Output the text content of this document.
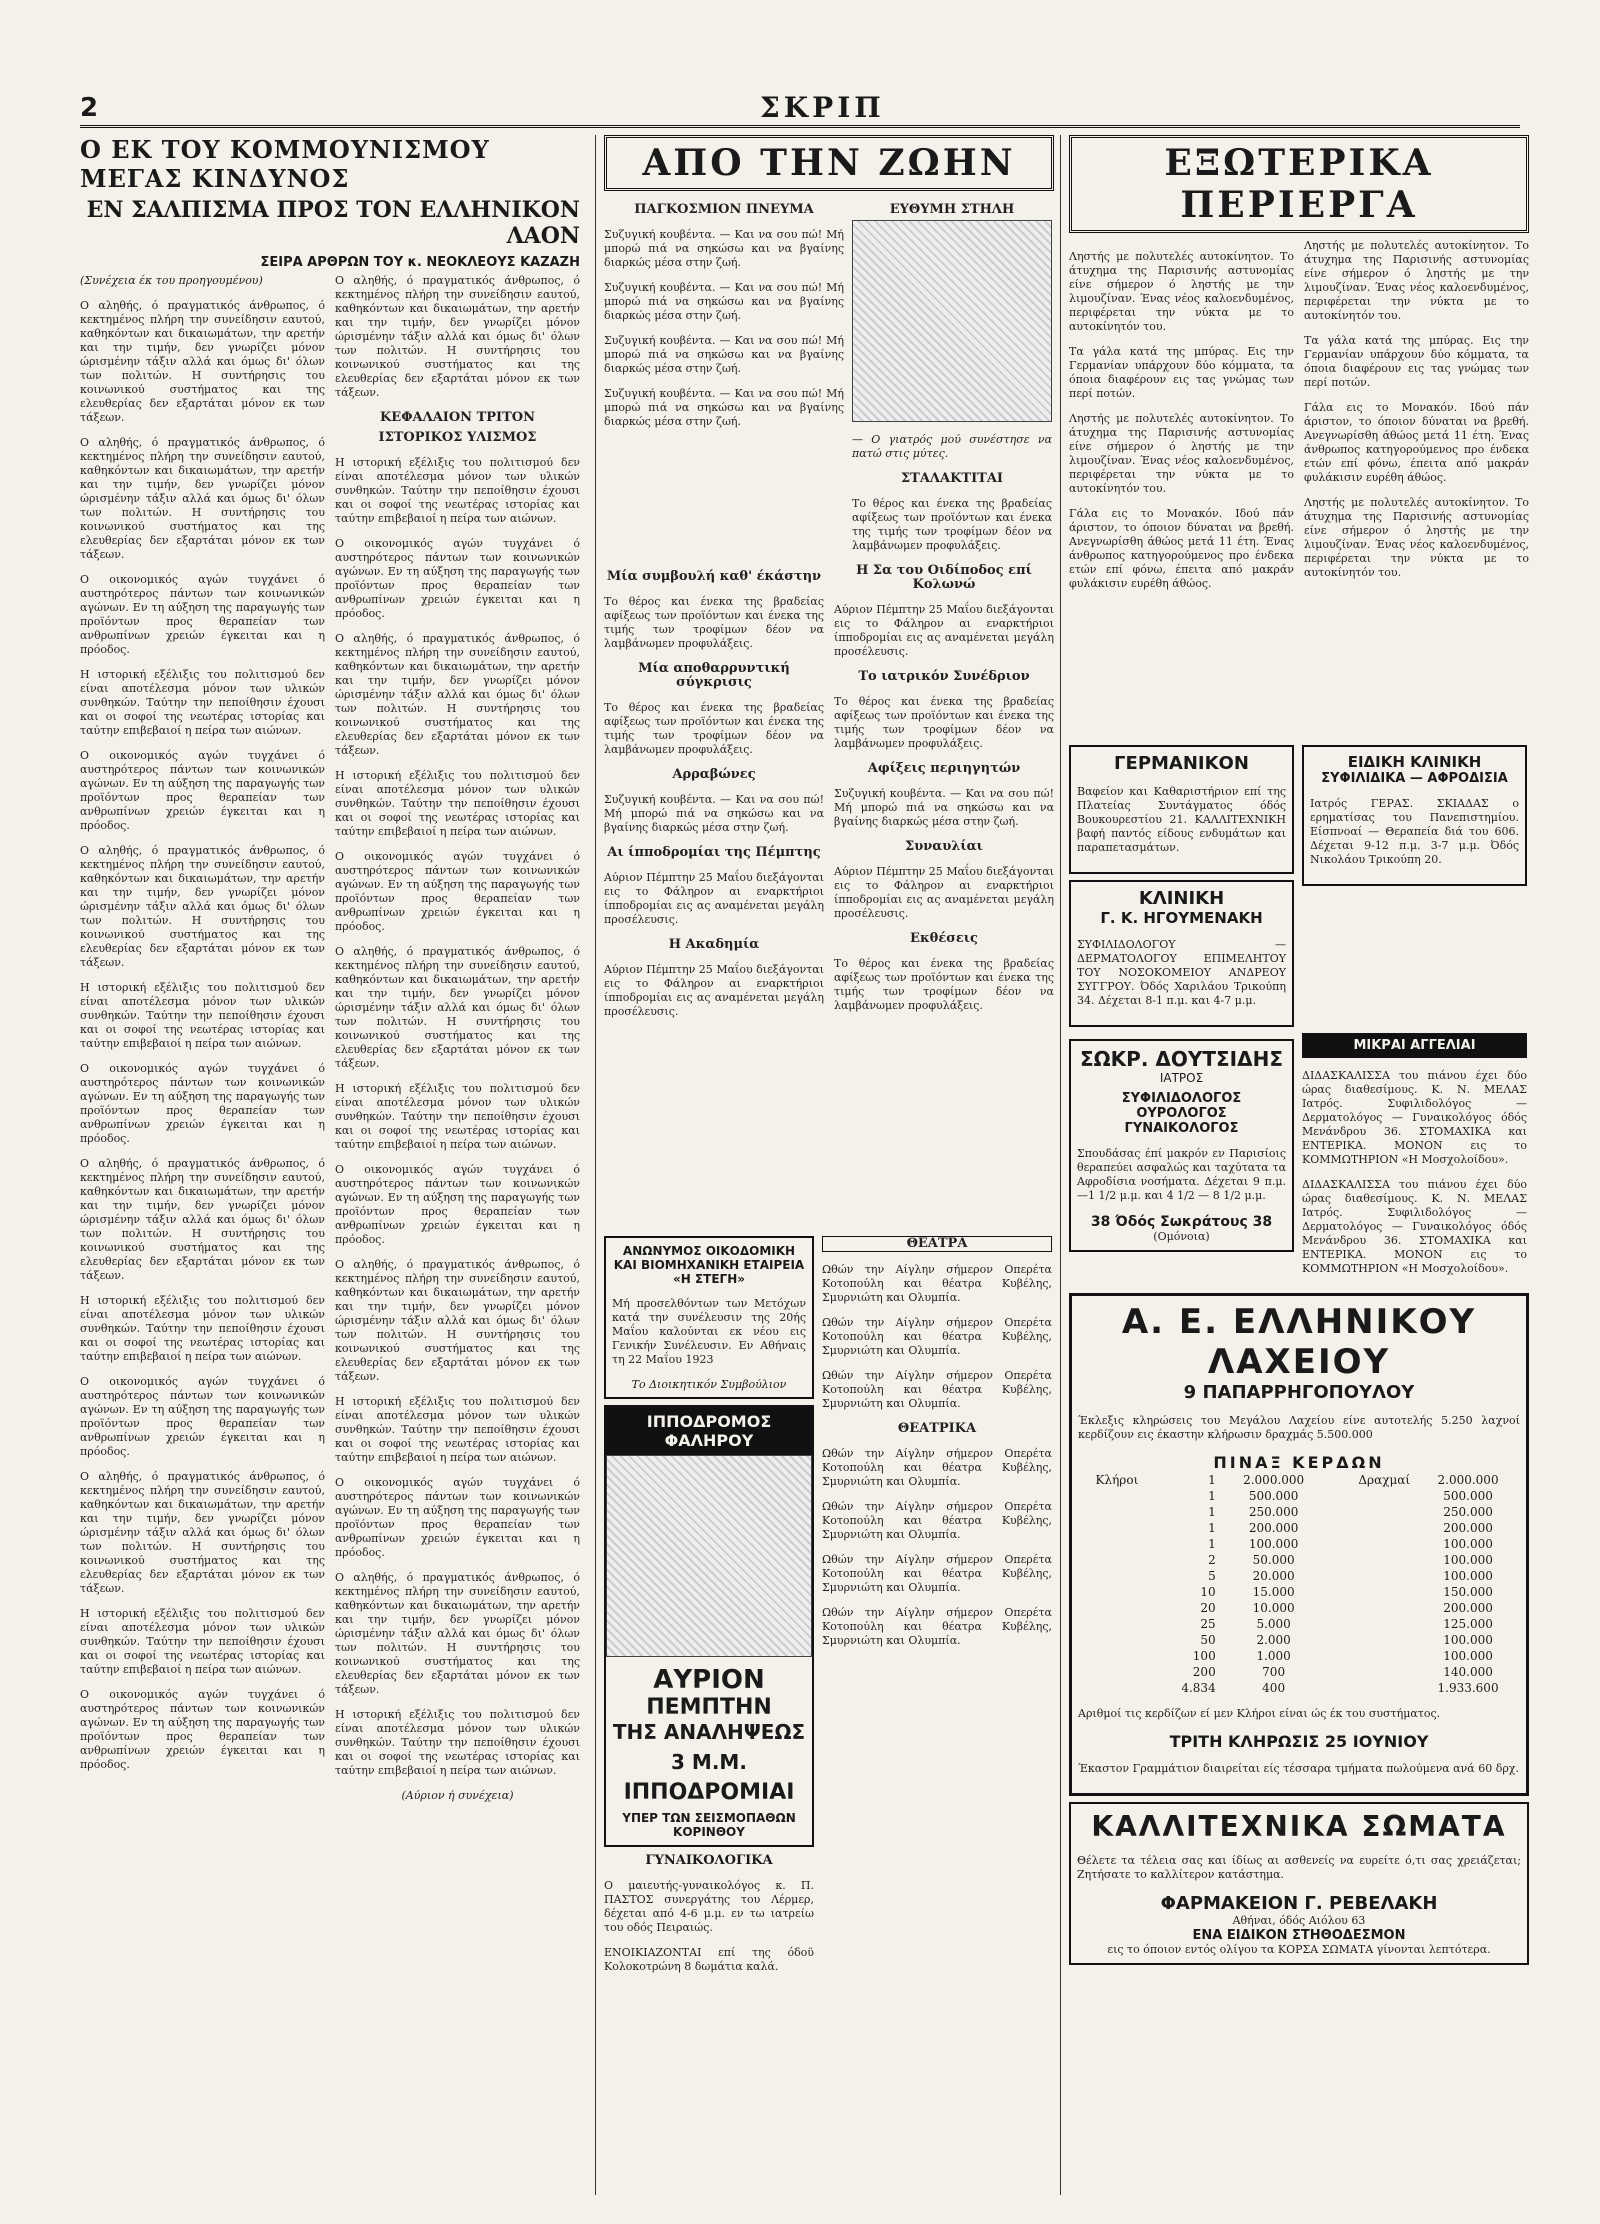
2	ΣΚΡΙΠ
Ο ΕΚ ΤΟΥ ΚΟΜΜΟΥΝΙΣΜΟΥ ΜΕΓΑΣ ΚΙΝΔΥΝΟΣ
ΕΝ ΣΑΛΠΙΣΜΑ ΠΡΟΣ ΤΟΝ ΕΛΛΗΝΙΚΟΝ ΛΑΟΝ
ΣΕΙΡΑ ΑΡΘΡΩΝ ΤΟΥ κ. ΝΕΟΚΛΕΟΥΣ ΚΑΖΑΖΗ
(Συνέχεια έκ του προηγουμένου)

Ο αληθής, ό πραγματικός άνθρωπος, ό κεκτημένος πλήρη την συνείδησιν εαυτού, καθηκόντων και δικαιωμάτων, την αρετήν και την τιμήν, δεν γνωρίζει μόνον ώρισμένην τάξιν αλλά και όμως δι' όλων των πολιτών. Η συντήρησις του κοινωνικού συστήματος και της ελευθερίας δεν εξαρτάται μόνον εκ των τάξεων.

Ο αληθής, ό πραγματικός άνθρωπος, ό κεκτημένος πλήρη την συνείδησιν εαυτού, καθηκόντων και δικαιωμάτων, την αρετήν και την τιμήν, δεν γνωρίζει μόνον ώρισμένην τάξιν αλλά και όμως δι' όλων των πολιτών. Η συντήρησις του κοινωνικού συστήματος και της ελευθερίας δεν εξαρτάται μόνον εκ των τάξεων.

Ο οικονομικός αγών τυγχάνει ό αυστηρότερος πάντων των κοινωνικών αγώνων. Εν τη αύξηση της παραγωγής των προϊόντων προς θεραπείαν των ανθρωπίνων χρειών έγκειται και η πρόοδος.

Η ιστορική εξέλιξις του πολιτισμού δεν είναι αποτέλεσμα μόνον των υλικών συνθηκών. Ταύτην την πεποίθησιν έχουσι και οι σοφοί της νεωτέρας ιστορίας και ταύτην επιβεβαιοί η πείρα των αιώνων.

Ο οικονομικός αγών τυγχάνει ό αυστηρότερος πάντων των κοινωνικών αγώνων. Εν τη αύξηση της παραγωγής των προϊόντων προς θεραπείαν των ανθρωπίνων χρειών έγκειται και η πρόοδος.

Ο αληθής, ό πραγματικός άνθρωπος, ό κεκτημένος πλήρη την συνείδησιν εαυτού, καθηκόντων και δικαιωμάτων, την αρετήν και την τιμήν, δεν γνωρίζει μόνον ώρισμένην τάξιν αλλά και όμως δι' όλων των πολιτών. Η συντήρησις του κοινωνικού συστήματος και της ελευθερίας δεν εξαρτάται μόνον εκ των τάξεων.

Η ιστορική εξέλιξις του πολιτισμού δεν είναι αποτέλεσμα μόνον των υλικών συνθηκών. Ταύτην την πεποίθησιν έχουσι και οι σοφοί της νεωτέρας ιστορίας και ταύτην επιβεβαιοί η πείρα των αιώνων.

Ο οικονομικός αγών τυγχάνει ό αυστηρότερος πάντων των κοινωνικών αγώνων. Εν τη αύξηση της παραγωγής των προϊόντων προς θεραπείαν των ανθρωπίνων χρειών έγκειται και η πρόοδος.

Ο αληθής, ό πραγματικός άνθρωπος, ό κεκτημένος πλήρη την συνείδησιν εαυτού, καθηκόντων και δικαιωμάτων, την αρετήν και την τιμήν, δεν γνωρίζει μόνον ώρισμένην τάξιν αλλά και όμως δι' όλων των πολιτών. Η συντήρησις του κοινωνικού συστήματος και της ελευθερίας δεν εξαρτάται μόνον εκ των τάξεων.

Η ιστορική εξέλιξις του πολιτισμού δεν είναι αποτέλεσμα μόνον των υλικών συνθηκών. Ταύτην την πεποίθησιν έχουσι και οι σοφοί της νεωτέρας ιστορίας και ταύτην επιβεβαιοί η πείρα των αιώνων.

Ο οικονομικός αγών τυγχάνει ό αυστηρότερος πάντων των κοινωνικών αγώνων. Εν τη αύξηση της παραγωγής των προϊόντων προς θεραπείαν των ανθρωπίνων χρειών έγκειται και η πρόοδος.

Ο αληθής, ό πραγματικός άνθρωπος, ό κεκτημένος πλήρη την συνείδησιν εαυτού, καθηκόντων και δικαιωμάτων, την αρετήν και την τιμήν, δεν γνωρίζει μόνον ώρισμένην τάξιν αλλά και όμως δι' όλων των πολιτών. Η συντήρησις του κοινωνικού συστήματος και της ελευθερίας δεν εξαρτάται μόνον εκ των τάξεων.

Η ιστορική εξέλιξις του πολιτισμού δεν είναι αποτέλεσμα μόνον των υλικών συνθηκών. Ταύτην την πεποίθησιν έχουσι και οι σοφοί της νεωτέρας ιστορίας και ταύτην επιβεβαιοί η πείρα των αιώνων.

Ο οικονομικός αγών τυγχάνει ό αυστηρότερος πάντων των κοινωνικών αγώνων. Εν τη αύξηση της παραγωγής των προϊόντων προς θεραπείαν των ανθρωπίνων χρειών έγκειται και η πρόοδος.

Ο αληθής, ό πραγματικός άνθρωπος, ό κεκτημένος πλήρη την συνείδησιν εαυτού, καθηκόντων και δικαιωμάτων, την αρετήν και την τιμήν, δεν γνωρίζει μόνον ώρισμένην τάξιν αλλά και όμως δι' όλων των πολιτών. Η συντήρησις του κοινωνικού συστήματος και της ελευθερίας δεν εξαρτάται μόνον εκ των τάξεων.

ΚΕΦΑΛΑΙΟΝ ΤΡΙΤΟΝ
ΙΣΤΟΡΙΚΟΣ ΥΛΙΣΜΟΣ

Η ιστορική εξέλιξις του πολιτισμού δεν είναι αποτέλεσμα μόνον των υλικών συνθηκών. Ταύτην την πεποίθησιν έχουσι και οι σοφοί της νεωτέρας ιστορίας και ταύτην επιβεβαιοί η πείρα των αιώνων.

Ο οικονομικός αγών τυγχάνει ό αυστηρότερος πάντων των κοινωνικών αγώνων. Εν τη αύξηση της παραγωγής των προϊόντων προς θεραπείαν των ανθρωπίνων χρειών έγκειται και η πρόοδος.

Ο αληθής, ό πραγματικός άνθρωπος, ό κεκτημένος πλήρη την συνείδησιν εαυτού, καθηκόντων και δικαιωμάτων, την αρετήν και την τιμήν, δεν γνωρίζει μόνον ώρισμένην τάξιν αλλά και όμως δι' όλων των πολιτών. Η συντήρησις του κοινωνικού συστήματος και της ελευθερίας δεν εξαρτάται μόνον εκ των τάξεων.

Η ιστορική εξέλιξις του πολιτισμού δεν είναι αποτέλεσμα μόνον των υλικών συνθηκών. Ταύτην την πεποίθησιν έχουσι και οι σοφοί της νεωτέρας ιστορίας και ταύτην επιβεβαιοί η πείρα των αιώνων.

Ο οικονομικός αγών τυγχάνει ό αυστηρότερος πάντων των κοινωνικών αγώνων. Εν τη αύξηση της παραγωγής των προϊόντων προς θεραπείαν των ανθρωπίνων χρειών έγκειται και η πρόοδος.

Ο αληθής, ό πραγματικός άνθρωπος, ό κεκτημένος πλήρη την συνείδησιν εαυτού, καθηκόντων και δικαιωμάτων, την αρετήν και την τιμήν, δεν γνωρίζει μόνον ώρισμένην τάξιν αλλά και όμως δι' όλων των πολιτών. Η συντήρησις του κοινωνικού συστήματος και της ελευθερίας δεν εξαρτάται μόνον εκ των τάξεων.

Η ιστορική εξέλιξις του πολιτισμού δεν είναι αποτέλεσμα μόνον των υλικών συνθηκών. Ταύτην την πεποίθησιν έχουσι και οι σοφοί της νεωτέρας ιστορίας και ταύτην επιβεβαιοί η πείρα των αιώνων.

Ο οικονομικός αγών τυγχάνει ό αυστηρότερος πάντων των κοινωνικών αγώνων. Εν τη αύξηση της παραγωγής των προϊόντων προς θεραπείαν των ανθρωπίνων χρειών έγκειται και η πρόοδος.

Ο αληθής, ό πραγματικός άνθρωπος, ό κεκτημένος πλήρη την συνείδησιν εαυτού, καθηκόντων και δικαιωμάτων, την αρετήν και την τιμήν, δεν γνωρίζει μόνον ώρισμένην τάξιν αλλά και όμως δι' όλων των πολιτών. Η συντήρησις του κοινωνικού συστήματος και της ελευθερίας δεν εξαρτάται μόνον εκ των τάξεων.

Η ιστορική εξέλιξις του πολιτισμού δεν είναι αποτέλεσμα μόνον των υλικών συνθηκών. Ταύτην την πεποίθησιν έχουσι και οι σοφοί της νεωτέρας ιστορίας και ταύτην επιβεβαιοί η πείρα των αιώνων.

Ο οικονομικός αγών τυγχάνει ό αυστηρότερος πάντων των κοινωνικών αγώνων. Εν τη αύξηση της παραγωγής των προϊόντων προς θεραπείαν των ανθρωπίνων χρειών έγκειται και η πρόοδος.

Ο αληθής, ό πραγματικός άνθρωπος, ό κεκτημένος πλήρη την συνείδησιν εαυτού, καθηκόντων και δικαιωμάτων, την αρετήν και την τιμήν, δεν γνωρίζει μόνον ώρισμένην τάξιν αλλά και όμως δι' όλων των πολιτών. Η συντήρησις του κοινωνικού συστήματος και της ελευθερίας δεν εξαρτάται μόνον εκ των τάξεων.

Η ιστορική εξέλιξις του πολιτισμού δεν είναι αποτέλεσμα μόνον των υλικών συνθηκών. Ταύτην την πεποίθησιν έχουσι και οι σοφοί της νεωτέρας ιστορίας και ταύτην επιβεβαιοί η πείρα των αιώνων.

(Αύριον ή συνέχεια)
ΑΠΟ ΤΗΝ ΖΩΗΝ
ΠΑΓΚΟΣΜΙΟΝ ΠΝΕΥΜΑ

Συζυγική κουβέντα. — Και να σου πώ! Μή μπορώ πιά να σηκώσω και να βγαίνης διαρκώς μέσα στην ζωή.

Συζυγική κουβέντα. — Και να σου πώ! Μή μπορώ πιά να σηκώσω και να βγαίνης διαρκώς μέσα στην ζωή.

Συζυγική κουβέντα. — Και να σου πώ! Μή μπορώ πιά να σηκώσω και να βγαίνης διαρκώς μέσα στην ζωή.

Συζυγική κουβέντα. — Και να σου πώ! Μή μπορώ πιά να σηκώσω και να βγαίνης διαρκώς μέσα στην ζωή.

ΕΥΘΥΜΗ ΣΤΗΛΗ

— Ο γιατρός μού συνέστησε να πατώ στις μύτες.

ΣΤΑΛΑΚΤΙΤΑΙ

Το θέρος και ένεκα της βραδείας αφίξεως των προϊόντων και ένεκα της τιμής των τροφίμων δέον να λαμβάνωμεν προφυλάξεις.

Μία συμβουλή καθ' έκάστην

Το θέρος και ένεκα της βραδείας αφίξεως των προϊόντων και ένεκα της τιμής των τροφίμων δέον να λαμβάνωμεν προφυλάξεις.

Μία αποθαρρυντική σύγκρισις

Το θέρος και ένεκα της βραδείας αφίξεως των προϊόντων και ένεκα της τιμής των τροφίμων δέον να λαμβάνωμεν προφυλάξεις.

Αρραβώνες

Συζυγική κουβέντα. — Και να σου πώ! Μή μπορώ πιά να σηκώσω και να βγαίνης διαρκώς μέσα στην ζωή.

Αι ίπποδρομίαι της Πέμπτης

Αύριον Πέμπτην 25 Μαΐου διεξάγονται εις το Φάληρον αι εναρκτήριοι ίπποδρομίαι εις ας αναμένεται μεγάλη προσέλευσις.

Η Ακαδημία

Αύριον Πέμπτην 25 Μαΐου διεξάγονται εις το Φάληρον αι εναρκτήριοι ίπποδρομίαι εις ας αναμένεται μεγάλη προσέλευσις.

Η Σα του Οιδίποδος επί Κολωνώ

Αύριον Πέμπτην 25 Μαΐου διεξάγονται εις το Φάληρον αι εναρκτήριοι ίπποδρομίαι εις ας αναμένεται μεγάλη προσέλευσις.

Το ιατρικόν Συνέδριον

Το θέρος και ένεκα της βραδείας αφίξεως των προϊόντων και ένεκα της τιμής των τροφίμων δέον να λαμβάνωμεν προφυλάξεις.

Αφίξεις περιηγητών

Συζυγική κουβέντα. — Και να σου πώ! Μή μπορώ πιά να σηκώσω και να βγαίνης διαρκώς μέσα στην ζωή.

Συναυλίαι

Αύριον Πέμπτην 25 Μαΐου διεξάγονται εις το Φάληρον αι εναρκτήριοι ίπποδρομίαι εις ας αναμένεται μεγάλη προσέλευσις.

Εκθέσεις

Το θέρος και ένεκα της βραδείας αφίξεως των προϊόντων και ένεκα της τιμής των τροφίμων δέον να λαμβάνωμεν προφυλάξεις.

ΑΝΩΝΥΜΟΣ ΟΙΚΟΔΟΜΙΚΗ ΚΑΙ ΒΙΟΜΗΧΑΝΙΚΗ ΕΤΑΙΡΕΙΑ «Η ΣΤΕΓΗ»

Μή προσελθόντων των Μετόχων κατά την συνέλευσιν της 20ής Μαΐου καλούνται εκ νέου εις Γενικήν Συνέλευσιν. Εν Αθήναις τη 22 Μαΐου 1923

Το Διοικητικόν Συμβούλιον
ΙΠΠΟΔΡΟΜΟΣ ΦΑΛΗΡΟΥ
ΑΥΡΙΟΝ
ΠΕΜΠΤΗΝ
ΤΗΣ ΑΝΑΛΗΨΕΩΣ
3 Μ.Μ.
ΙΠΠΟΔΡΟΜΙΑΙ
ΥΠΕΡ ΤΩΝ ΣΕΙΣΜΟΠΑΘΩΝ ΚΟΡΙΝΘΟΥ
ΓΥΝΑΙΚΟΛΟΓΙΚΑ

Ο μαιευτής-γυναικολόγος κ. Π. ΠΑΣΤΟΣ συνεργάτης του Λέρμερ, δέχεται από 4-6 μ.μ. εν τω ιατρείω του οδός Πειραιώς.

ΕΝΟΙΚΙΑΖΟΝΤΑΙ επί της όδοϋ Κολοκοτρώνη 8 δωμάτια καλά.

ΘΕΑΤΡΑ

Ωθών την Αίγλην σήμερον Οπερέτα Κοτοπούλη και θέατρα Κυβέλης, Σμυρνιώτη και Ολυμπία.

Ωθών την Αίγλην σήμερον Οπερέτα Κοτοπούλη και θέατρα Κυβέλης, Σμυρνιώτη και Ολυμπία.

Ωθών την Αίγλην σήμερον Οπερέτα Κοτοπούλη και θέατρα Κυβέλης, Σμυρνιώτη και Ολυμπία.

ΘΕΑΤΡΙΚΑ

Ωθών την Αίγλην σήμερον Οπερέτα Κοτοπούλη και θέατρα Κυβέλης, Σμυρνιώτη και Ολυμπία.

Ωθών την Αίγλην σήμερον Οπερέτα Κοτοπούλη και θέατρα Κυβέλης, Σμυρνιώτη και Ολυμπία.

Ωθών την Αίγλην σήμερον Οπερέτα Κοτοπούλη και θέατρα Κυβέλης, Σμυρνιώτη και Ολυμπία.

Ωθών την Αίγλην σήμερον Οπερέτα Κοτοπούλη και θέατρα Κυβέλης, Σμυρνιώτη και Ολυμπία.

ΕΞΩΤΕΡΙΚΑ ΠΕΡΙΕΡΓΑ

Ληστής με πολυτελές αυτοκίνητον. Το άτυχημα της Παρισινής αστυνομίας είνε σήμερον ό ληστής με την λιμουζίναν. Ένας νέος καλοενδυμένος, περιφέρεται την νύκτα με το αυτοκίνητόν του.

Τα γάλα κατά της μπύρας. Εις την Γερμανίαν υπάρχουν δύο κόμματα, τα όποια διαφέρουν εις τας γνώμας των περί ποτών.

Ληστής με πολυτελές αυτοκίνητον. Το άτυχημα της Παρισινής αστυνομίας είνε σήμερον ό ληστής με την λιμουζίναν. Ένας νέος καλοενδυμένος, περιφέρεται την νύκτα με το αυτοκίνητόν του.

Γάλα εις το Μονακόν. Ιδού πάν άριστον, το όποιον δύναται να βρεθή. Ανεγνωρίσθη άθώος μετά 11 έτη. Ένας άνθρωπος κατηγορούμενος προ ένδεκα ετών επί φόνω, έπειτα από μακράν φυλάκισιν ευρέθη άθώος.

Ληστής με πολυτελές αυτοκίνητον. Το άτυχημα της Παρισινής αστυνομίας είνε σήμερον ό ληστής με την λιμουζίναν. Ένας νέος καλοενδυμένος, περιφέρεται την νύκτα με το αυτοκίνητόν του.

Τα γάλα κατά της μπύρας. Εις την Γερμανίαν υπάρχουν δύο κόμματα, τα όποια διαφέρουν εις τας γνώμας των περί ποτών.

Γάλα εις το Μονακόν. Ιδού πάν άριστον, το όποιον δύναται να βρεθή. Ανεγνωρίσθη άθώος μετά 11 έτη. Ένας άνθρωπος κατηγορούμενος προ ένδεκα ετών επί φόνω, έπειτα από μακράν φυλάκισιν ευρέθη άθώος.

Ληστής με πολυτελές αυτοκίνητον. Το άτυχημα της Παρισινής αστυνομίας είνε σήμερον ό ληστής με την λιμουζίναν. Ένας νέος καλοενδυμένος, περιφέρεται την νύκτα με το αυτοκίνητόν του.

ΓΕΡΜΑΝΙΚΟΝ

Βαφείον και Καθαριστήριον επί της Πλατείας Συντάγματος όδός Βουκουρεστίου 21. ΚΑΛΛΙΤΕΧΝΙΚΗ βαφή παντός είδους ενδυμάτων και παραπετασμάτων.

ΚΛΙΝΙΚΗ
Γ. Κ. ΗΓΟΥΜΕΝΑΚΗ

ΣΥΦΙΛΙΔΟΛΟΓΟΥ — ΔΕΡΜΑΤΟΛΟΓΟΥ ΕΠΙΜΕΛΗΤΟΥ ΤΟΥ ΝΟΣΟΚΟΜΕΙΟΥ ΑΝΔΡΕΟΥ ΣΥΓΓΡΟΥ. Όδός Χαριλάου Τρικούπη 34. Δέχεται 8-1 π.μ. και 4-7 μ.μ.

ΕΙΔΙΚΗ ΚΛΙΝΙΚΗ
ΣΥΦΙΛΙΔΙΚΑ — ΑΦΡΟΔΙΣΙΑ

Ιατρός ΓΕΡΑΣ. ΣΚΙΑΔΑΣ ο ερηματίσας του Πανεπιστημίου. Είσπνοαί — Θεραπεία διά του 606. Δέχεται 9-12 π.μ. 3-7 μ.μ. Όδός Νικολάου Τρικούπη 20.

ΣΩΚΡ. ΔΟΥΤΣΙΔΗΣ
ΙΑΤΡΟΣ
ΣΥΦΙΛΙΔΟΛΟΓΟΣ
ΟΥΡΟΛΟΓΟΣ
ΓΥΝΑΙΚΟΛΟΓΟΣ

Σπουδάσας έπί μακρόν εν Παρισίοις θεραπεύει ασφαλώς και ταχύτατα τα Αφροδίσια νοσήματα. Δέχεται 9 π.μ.—1 1/2 μ.μ. και 4 1/2 — 8 1/2 μ.μ.

38 Όδός Σωκράτους 38
(Ομόνοια)
ΜΙΚΡΑΙ ΑΓΓΕΛΙΑΙ

ΔΙΔΑΣΚΑΛΙΣΣΑ του πιάνου έχει δύο ώρας διαθεσίμους. Κ. Ν. ΜΕΛΑΣ Ιατρός. Συφιλιδολόγος — Δερματολόγος — Γυναικολόγος όδός Μενάνδρου 36. ΣΤΟΜΑΧΙΚΑ και ΕΝΤΕΡΙΚΑ. ΜΟΝΟΝ εις το ΚΟΜΜΩΤΗΡΙΟΝ «Η Μοσχολοίδου».

ΔΙΔΑΣΚΑΛΙΣΣΑ του πιάνου έχει δύο ώρας διαθεσίμους. Κ. Ν. ΜΕΛΑΣ Ιατρός. Συφιλιδολόγος — Δερματολόγος — Γυναικολόγος όδός Μενάνδρου 36. ΣΤΟΜΑΧΙΚΑ και ΕΝΤΕΡΙΚΑ. ΜΟΝΟΝ εις το ΚΟΜΜΩΤΗΡΙΟΝ «Η Μοσχολοίδου».

Α. Ε. ΕΛΛΗΝΙΚΟΥ ΛΑΧΕΙΟΥ
9 ΠΑΠΑΡΡΗΓΟΠΟΥΛΟΥ

Έκλεξις κληρώσεις του Μεγάλου Λαχείου είνε αυτοτελής 5.250 λαχνοί κερδίζουν εις έκαστην κλήρωσιν δραχμάς 5.500.000

ΠΙΝΑΞ ΚΕΡΔΩΝ
Κλήροι	1	2.000.000	Δραχμαί	2.000.000
	1	500.000		500.000
	1	250.000		250.000
	1	200.000		200.000
	1	100.000		100.000
	2	50.000		100.000
	5	20.000		100.000
	10	15.000		150.000
	20	10.000		200.000
	25	5.000		125.000
	50	2.000		100.000
	100	1.000		100.000
	200	700		140.000
	4.834	400		1.933.600

Αριθμοί τις κερδίζων εί μεν Κλήροι είναι ώς έκ του συστήματος.

ΤΡΙΤΗ ΚΛΗΡΩΣΙΣ 25 ΙΟΥΝΙΟΥ

Έκαστον Γραμμάτιον διαιρείται είς τέσσαρα τμήματα πωλούμενα ανά 60 δρχ.

ΚΑΛΛΙΤΕΧΝΙΚΑ ΣΩΜΑΤΑ

Θέλετε τα τέλεια σας και ίδίως αι ασθενείς να ευρείτε ό,τι σας χρειάζεται; Ζητήσατε το καλλίτερον κατάστημα.

ΦΑΡΜΑΚΕΙΟΝ Γ. ΡΕΒΕΛΑΚΗ
Αθήναι, όδός Αιόλου 63
ΕΝΑ ΕΙΔΙΚΟΝ ΣΤΗΘΟΔΕΣΜΟΝ
εις το όποιον εντός ολίγου τα ΚΟΡΣΑ ΣΩΜΑΤΑ γίνονται λεπτότερα.
